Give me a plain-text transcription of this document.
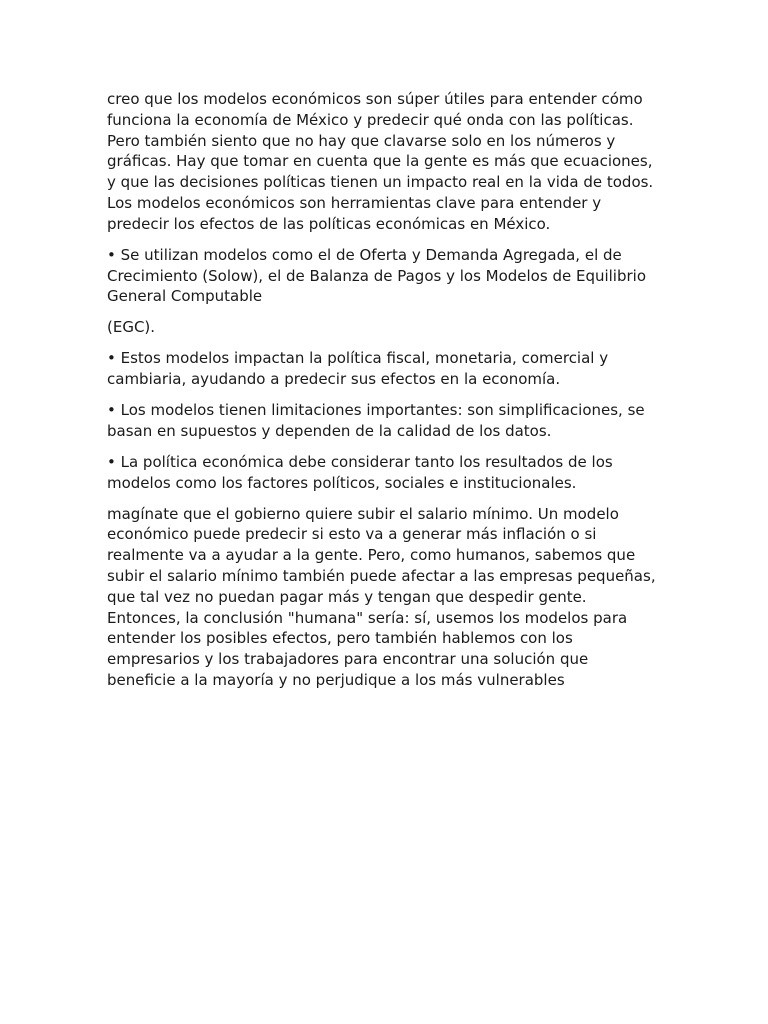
creo que los modelos económicos son súper útiles para entender cómo
funciona la economía de México y predecir qué onda con las políticas.
Pero también siento que no hay que clavarse solo en los números y
gráficas. Hay que tomar en cuenta que la gente es más que ecuaciones,
y que las decisiones políticas tienen un impacto real en la vida de todos.
Los modelos económicos son herramientas clave para entender y
predecir los efectos de las políticas económicas en México.

• Se utilizan modelos como el de Oferta y Demanda Agregada, el de
Crecimiento (Solow), el de Balanza de Pagos y los Modelos de Equilibrio
General Computable

(EGC).

• Estos modelos impactan la política fiscal, monetaria, comercial y
cambiaria, ayudando a predecir sus efectos en la economía.

• Los modelos tienen limitaciones importantes: son simplificaciones, se
basan en supuestos y dependen de la calidad de los datos.

• La política económica debe considerar tanto los resultados de los
modelos como los factores políticos, sociales e institucionales.

magínate que el gobierno quiere subir el salario mínimo. Un modelo
económico puede predecir si esto va a generar más inflación o si
realmente va a ayudar a la gente. Pero, como humanos, sabemos que
subir el salario mínimo también puede afectar a las empresas pequeñas,
que tal vez no puedan pagar más y tengan que despedir gente.
Entonces, la conclusión "humana" sería: sí, usemos los modelos para
entender los posibles efectos, pero también hablemos con los
empresarios y los trabajadores para encontrar una solución que
beneficie a la mayoría y no perjudique a los más vulnerables
